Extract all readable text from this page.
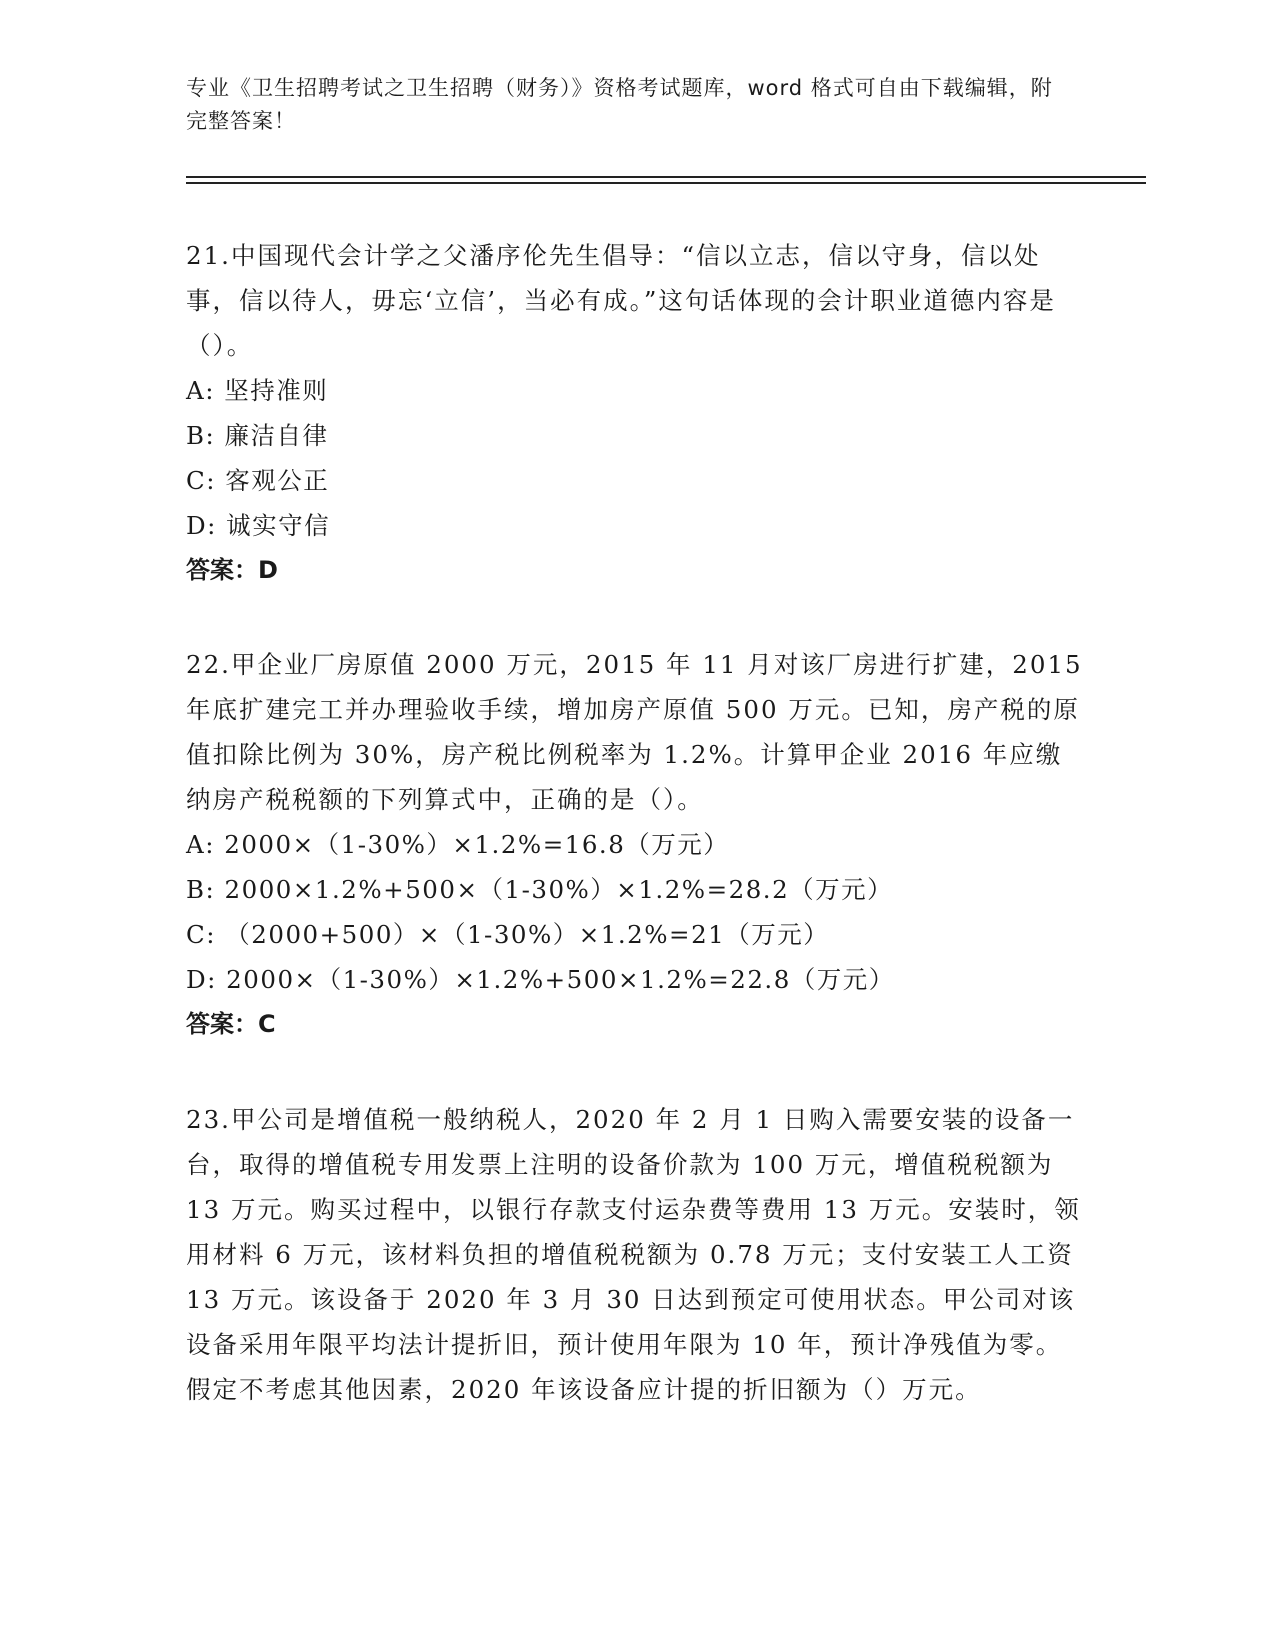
专业《卫生招聘考试之卫生招聘（财务）》资格考试题库，word 格式可自由下载编辑，附完整答案！
21.中国现代会计学之父潘序伦先生倡导：“信以立志，信以守身，信以处事，信以待人，毋忘‘立信’，当必有成。”这句话体现的会计职业道德内容是（）。
A: 坚持准则
B: 廉洁自律
C: 客观公正
D: 诚实守信
答案：D
22.甲企业厂房原值 2000 万元，2015 年 11 月对该厂房进行扩建，2015 年底扩建完工并办理验收手续，增加房产原值 500 万元。已知，房产税的原值扣除比例为 30%，房产税比例税率为 1.2%。计算甲企业 2016 年应缴纳房产税税额的下列算式中，正确的是（）。
A: 2000×（1-30%）×1.2%=16.8（万元）
B: 2000×1.2%+500×（1-30%）×1.2%=28.2（万元）
C: （2000+500）×（1-30%）×1.2%=21（万元）
D: 2000×（1-30%）×1.2%+500×1.2%=22.8（万元）
答案：C
23.甲公司是增值税一般纳税人，2020 年 2 月 1 日购入需要安装的设备一台，取得的增值税专用发票上注明的设备价款为 100 万元，增值税税额为 13 万元。购买过程中，以银行存款支付运杂费等费用 13 万元。安装时，领用材料 6 万元，该材料负担的增值税税额为 0.78 万元；支付安装工人工资 13 万元。该设备于 2020 年 3 月 30 日达到预定可使用状态。甲公司对该设备采用年限平均法计提折旧，预计使用年限为 10 年，预计净残值为零。假定不考虑其他因素，2020 年该设备应计提的折旧额为（）万元。
